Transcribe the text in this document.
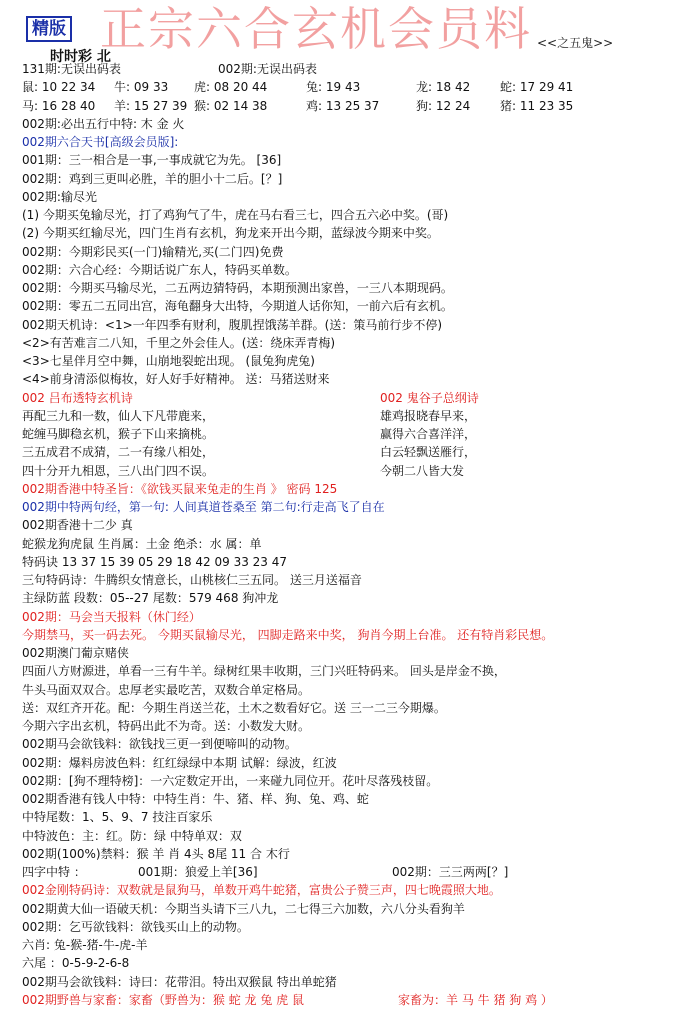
精版 正宗六合玄机会员料 <<之五鬼>>
时时彩 北
131期:无误出码表	002期:无误出码表
鼠: 10 22 34 牛: 09 33 虎: 08 20 44	兔: 19 43	龙: 18 42 蛇: 17 29 41
马: 16 28 40 羊: 15 27 39 猴: 02 14 38	鸡: 13 25 37	狗: 12 24 猪: 11 23 35
002期:必出五行中特: 木 金 火
002期六合天书[高级会员版]:
001期：三一相合是一事,一事成就它为先。 [36]
002期：鸡到三更叫必胜，羊的胆小十二后。[？]
002期:输尽光
(1) 今期买兔输尽光，打了鸡狗气了牛，虎在马右看三七，四合五六必中奖。(哥)
(2) 今期买红输尽光，四门生肖有玄机，狗龙来开出今期，蓝绿波今期来中奖。
002期：今期彩民买(一门)输精光,买(二门四)免费
002期：六合心经：今期话说广东人，特码买单数。
002期：今期买马输尽光，二五两边猜特码，本期预测出家兽，一三八本期现码。
002期：零五二五同出宫，海龟翻身大出特，今期道人话你知，一前六后有玄机。
002期天机诗：<1>一年四季有财利，腹肌捏饿荡羊群。(送：策马前行步不停)
<2>有苦难言二八知，千里之外会佳人。(送：绕床弄青梅)
<3>七星伴月空中舞，山崩地裂蛇出现。 (鼠兔狗虎兔)
<4>前身清添似梅妆，好人好手好精神。 送：马猪送财来
002 吕布透特玄机诗	002 鬼谷子总纲诗
再配三九和一数，仙人下凡带鹿来，	雄鸡报晓春早来，
蛇缠马脚稳玄机，猴子下山来摘桃。	赢得六合喜洋洋，
三五成君不成猜，二一有缘八相处，	白云轻飘送雁行，
四十分开九相恩，三八出门四不误。	今朝二八皆大发
002期香港中特圣旨：《欲钱买鼠来兔走的生肖 》 密码 125
002期中特两句经，第一句: 人间真道苍桑至 第二句:行走高飞了自在
002期香港十二少 真
蛇猴龙狗虎鼠 生肖属：土金 绝杀：水 属：单
特码诀 13 37 15 39 05 29 18 42 09 33 23 47
三句特码诗：牛腾织女情意长，山桃核仁三五同。 送三月送福音
主绿防蓝 段数：05--27 尾数：579 468 狗冲龙
002期：马会当天报料（休门经）
今期禁马，买一码去死。 今期买鼠输尽光， 四脚走路来中奖， 狗肖今期上台准。 还有特肖彩民想。
002期澳门葡京赌侠
四面八方财源进，单看一三有牛羊。绿树红果丰收期，三门兴旺特码来。 回头是岸金不换，
牛头马面双双合。忠厚老实最吃苦，双数合单定格局。
送：双红齐开花。配：今期生肖送兰花，土木之数看好它。送 三一二三今期爆。
今期六字出玄机，特码出此不为奇。送：小数发大财。
002期马会欲钱料：欲钱找三更一到便啼叫的动物。
002期：爆料房波色料：红红绿绿中本期 试解：绿波，红波
002期：[狗不理特榜]：一六定数定开出，一来碰九同位开。花叶尽落残枝留。
002期香港有钱人中特：中特生肖：牛、猪、样、狗、兔、鸡、蛇
中特尾数：1、5、9、7 技注百家乐
中特波色：主：红。防：绿 中特单双：双
002期(100%)禁料：猴 羊 肖 4头 8尾 11 合 木行
四字中特 ：	001期：狼爱上羊[36]	002期：三三两两[？]
002金刚特码诗：双数就是鼠狗马，单数开鸡牛蛇猪，富贵公子赞三声，四七晚霞照大地。
002期黄大仙一语破天机：今期当头请下三八九，二七得三六加数，六八分头看狗羊
002期：乞丐欲钱料：欲钱买山上的动物。
六肖: 兔-猴-猪-牛-虎-羊
六尾 ：0-5-9-2-6-8
002期马会欲钱料：诗曰：花带泪。特出双猴鼠 特出单蛇猪
002期野兽与家畜：家畜（野兽为：猴 蛇 龙 兔 虎 鼠	家畜为：羊 马 牛 猪 狗 鸡 ）
